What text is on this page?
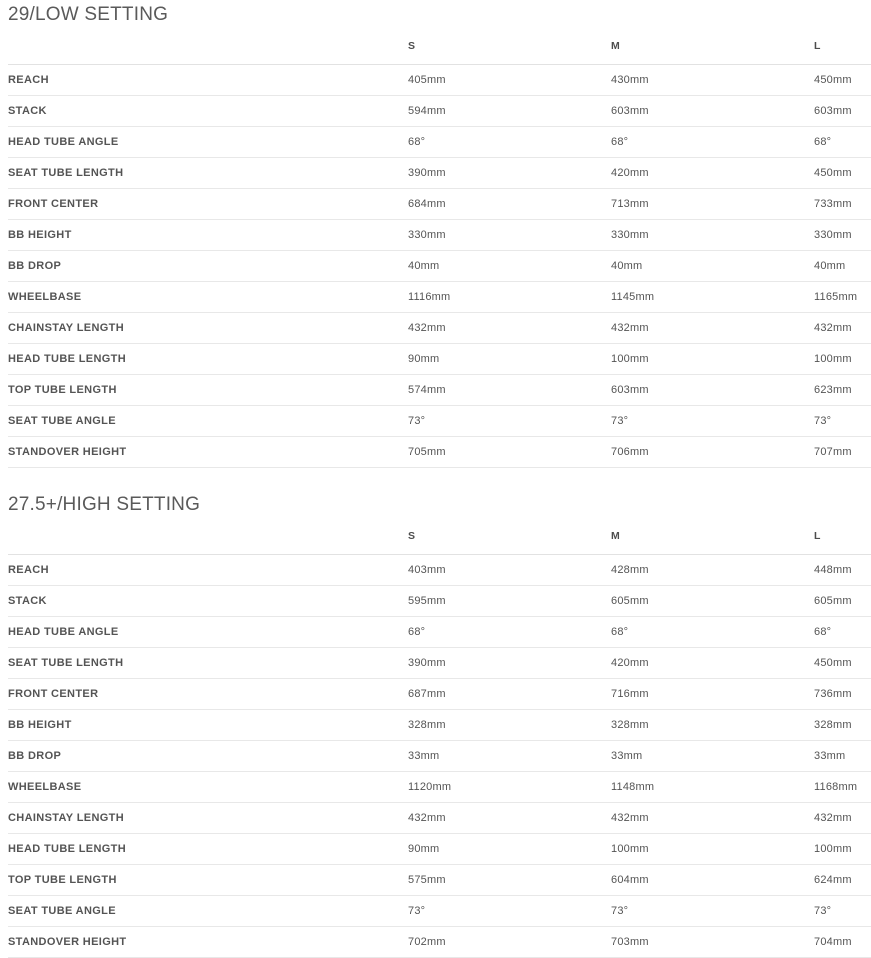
29/LOW SETTING
	S	M	L
REACH	405mm	430mm	450mm
STACK	594mm	603mm	603mm
HEAD TUBE ANGLE	68°	68°	68°
SEAT TUBE LENGTH	390mm	420mm	450mm
FRONT CENTER	684mm	713mm	733mm
BB HEIGHT	330mm	330mm	330mm
BB DROP	40mm	40mm	40mm
WHEELBASE	1116mm	1145mm	1165mm
CHAINSTAY LENGTH	432mm	432mm	432mm
HEAD TUBE LENGTH	90mm	100mm	100mm
TOP TUBE LENGTH	574mm	603mm	623mm
SEAT TUBE ANGLE	73°	73°	73°
STANDOVER HEIGHT	705mm	706mm	707mm
27.5+/HIGH SETTING
	S	M	L
REACH	403mm	428mm	448mm
STACK	595mm	605mm	605mm
HEAD TUBE ANGLE	68°	68°	68°
SEAT TUBE LENGTH	390mm	420mm	450mm
FRONT CENTER	687mm	716mm	736mm
BB HEIGHT	328mm	328mm	328mm
BB DROP	33mm	33mm	33mm
WHEELBASE	1120mm	1148mm	1168mm
CHAINSTAY LENGTH	432mm	432mm	432mm
HEAD TUBE LENGTH	90mm	100mm	100mm
TOP TUBE LENGTH	575mm	604mm	624mm
SEAT TUBE ANGLE	73°	73°	73°
STANDOVER HEIGHT	702mm	703mm	704mm
